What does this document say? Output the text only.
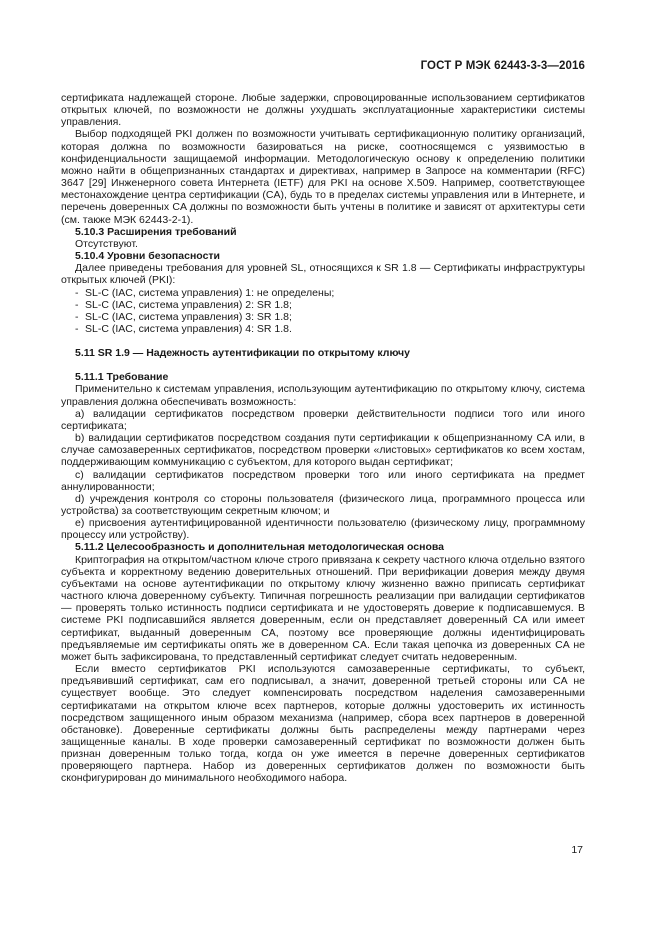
ГОСТ Р МЭК 62443-3-3—2016

сертификата надлежащей стороне. Любые задержки, спровоцированные использованием сертификатов открытых ключей, по возможности не должны ухудшать эксплуатационные характеристики системы управления.

Выбор подходящей PKI должен по возможности учитывать сертификационную политику организаций, которая должна по возможности базироваться на риске, соотносящемся с уязвимостью в конфиденциальности защищаемой информации. Методологическую основу к определению политики можно найти в общепризнанных стандартах и директивах, например в Запросе на комментарии (RFC) 3647 [29] Инженерного совета Интернета (IETF) для PKI на основе X.509. Например, соответствующее местонахождение центра сертификации (CA), будь то в пределах системы управления или в Интернете, и перечень доверенных CA должны по возможности быть учтены в политике и зависят от архитектуры сети (см. также МЭК 62443-2-1).

5.10.3 Расширения требований

Отсутствуют.

5.10.4 Уровни безопасности

Далее приведены требования для уровней SL, относящихся к SR 1.8 — Сертификаты инфраструктуры открытых ключей (PKI):

- SL-C (IAC, система управления) 1: не определены;
- SL-C (IAC, система управления) 2: SR 1.8;
- SL-C (IAC, система управления) 3: SR 1.8;
- SL-C (IAC, система управления) 4: SR 1.8.

5.11 SR 1.9 — Надежность аутентификации по открытому ключу

5.11.1 Требование

Применительно к системам управления, использующим аутентификацию по открытому ключу, система управления должна обеспечивать возможность:

a) валидации сертификатов посредством проверки действительности подписи того или иного сертификата;

b) валидации сертификатов посредством создания пути сертификации к общепризнанному CA или, в случае самозаверенных сертификатов, посредством проверки «листовых» сертификатов ко всем хостам, поддерживающим коммуникацию с субъектом, для которого выдан сертификат;

c) валидации сертификатов посредством проверки того или иного сертификата на предмет аннулированности;

d) учреждения контроля со стороны пользователя (физического лица, программного процесса или устройства) за соответствующим секретным ключом; и

e) присвоения аутентифицированной идентичности пользователю (физическому лицу, программному процессу или устройству).

5.11.2 Целесообразность и дополнительная методологическая основа

Криптография на открытом/частном ключе строго привязана к секрету частного ключа отдельно взятого субъекта и корректному ведению доверительных отношений. При верификации доверия между двумя субъектами на основе аутентификации по открытому ключу жизненно важно приписать сертификат частного ключа доверенному субъекту. Типичная погрешность реализации при валидации сертификатов — проверять только истинность подписи сертификата и не удостоверять доверие к подписавшемуся. В системе PKI подписавшийся является доверенным, если он представляет доверенный CA или имеет сертификат, выданный доверенным CA, поэтому все проверяющие должны идентифицировать предъявляемые им сертификаты опять же в доверенном CA. Если такая цепочка из доверенных CA не может быть зафиксирована, то представленный сертификат следует считать недоверенным.

Если вместо сертификатов PKI используются самозаверенные сертификаты, то субъект, предъявивший сертификат, сам его подписывал, а значит, доверенной третьей стороны или CA не существует вообще. Это следует компенсировать посредством наделения самозаверенными сертификатами на открытом ключе всех партнеров, которые должны удостоверить их истинность посредством защищенного иным образом механизма (например, сбора всех партнеров в доверенной обстановке). Доверенные сертификаты должны быть распределены между партнерами через защищенные каналы. В ходе проверки самозаверенный сертификат по возможности должен быть признан доверенным только тогда, когда он уже имеется в перечне доверенных сертификатов проверяющего партнера. Набор из доверенных сертификатов должен по возможности быть сконфигурирован до минимального необходимого набора.

17
